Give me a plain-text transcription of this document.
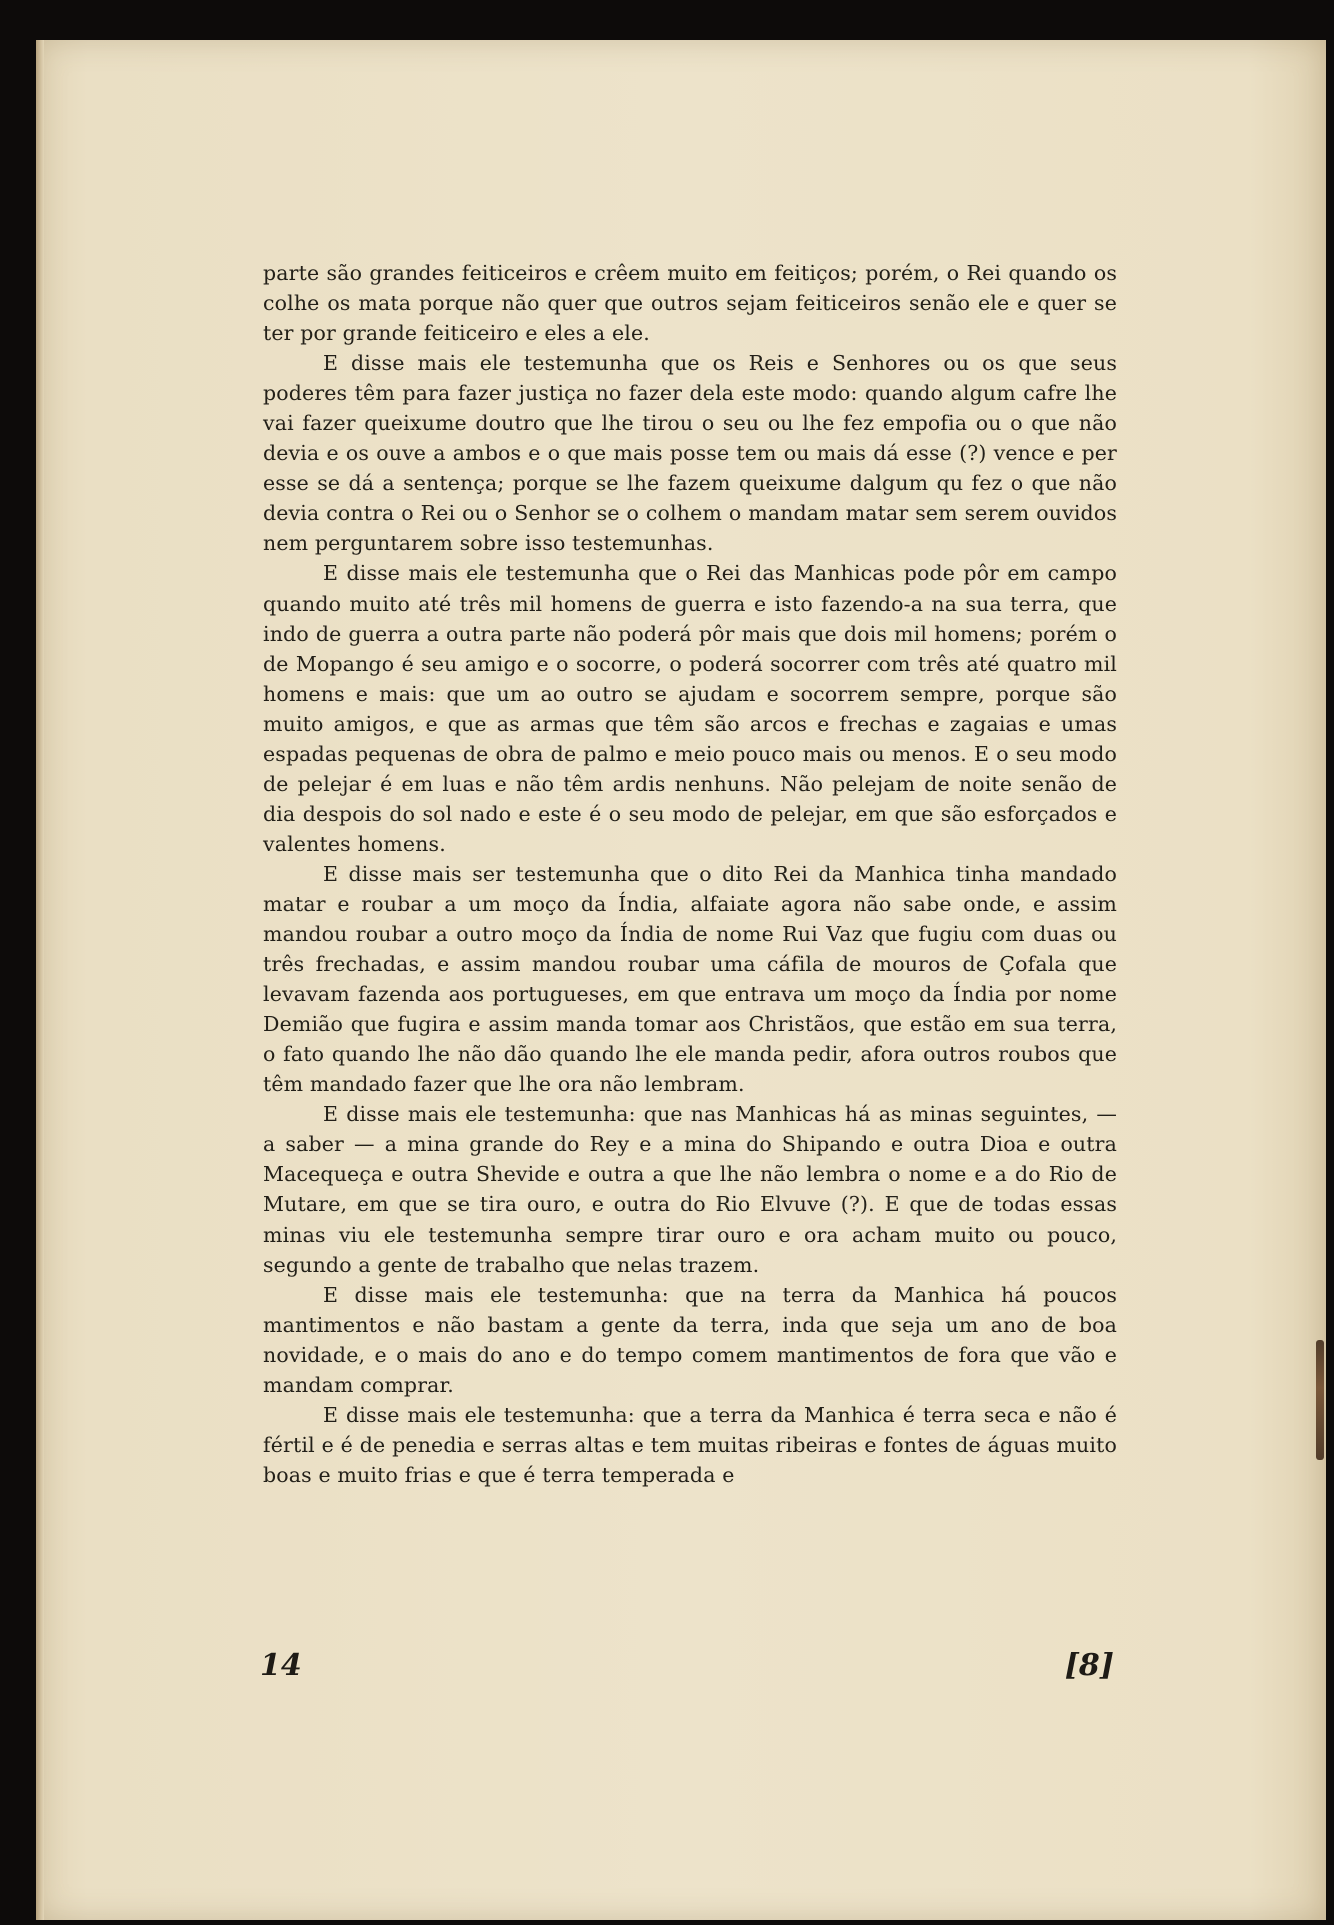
parte são grandes feiticeiros e crêem muito em feitiços; porém, o Rei quando os colhe os mata porque não quer que outros sejam feiticeiros senão ele e quer se ter por grande feiticeiro e eles a ele.

E disse mais ele testemunha que os Reis e Senhores ou os que seus poderes têm para fazer justiça no fazer dela este modo: quando algum cafre lhe vai fazer queixume doutro que lhe tirou o seu ou lhe fez empofia ou o que não devia e os ouve a ambos e o que mais posse tem ou mais dá esse (?) vence e per esse se dá a sentença; porque se lhe fazem queixume dalgum qu fez o que não devia contra o Rei ou o Senhor se o colhem o mandam matar sem serem ouvidos nem perguntarem sobre isso testemunhas.

E disse mais ele testemunha que o Rei das Manhicas pode pôr em campo quando muito até três mil homens de guerra e isto fazendo-a na sua terra, que indo de guerra a outra parte não poderá pôr mais que dois mil homens; porém o de Mopango é seu amigo e o socorre, o poderá socorrer com três até quatro mil homens e mais: que um ao outro se ajudam e socorrem sempre, porque são muito amigos, e que as armas que têm são arcos e frechas e zagaias e umas espadas pequenas de obra de palmo e meio pouco mais ou menos. E o seu modo de pelejar é em luas e não têm ardis nenhuns. Não pelejam de noite senão de dia despois do sol nado e este é o seu modo de pelejar, em que são esforçados e valentes homens.

E disse mais ser testemunha que o dito Rei da Manhica tinha mandado matar e roubar a um moço da Índia, alfaiate agora não sabe onde, e assim mandou roubar a outro moço da Índia de nome Rui Vaz que fugiu com duas ou três frechadas, e assim mandou roubar uma cáfila de mouros de Çofala que levavam fazenda aos portugueses, em que entrava um moço da Índia por nome Demião que fugira e assim manda tomar aos Christãos, que estão em sua terra, o fato quando lhe não dão quando lhe ele manda pedir, afora outros roubos que têm mandado fazer que lhe ora não lembram.

E disse mais ele testemunha: que nas Manhicas há as minas seguintes, — a saber — a mina grande do Rey e a mina do Shipando e outra Dioa e outra Macequeça e outra Shevide e outra a que lhe não lembra o nome e a do Rio de Mutare, em que se tira ouro, e outra do Rio Elvuve (?). E que de todas essas minas viu ele testemunha sempre tirar ouro e ora acham muito ou pouco, segundo a gente de trabalho que nelas trazem.

E disse mais ele testemunha: que na terra da Manhica há poucos mantimentos e não bastam a gente da terra, inda que seja um ano de boa novidade, e o mais do ano e do tempo comem mantimentos de fora que vão e mandam comprar.

E disse mais ele testemunha: que a terra da Manhica é terra seca e não é fértil e é de penedia e serras altas e tem muitas ribeiras e fontes de águas muito boas e muito frias e que é terra temperada e

14	[8]
